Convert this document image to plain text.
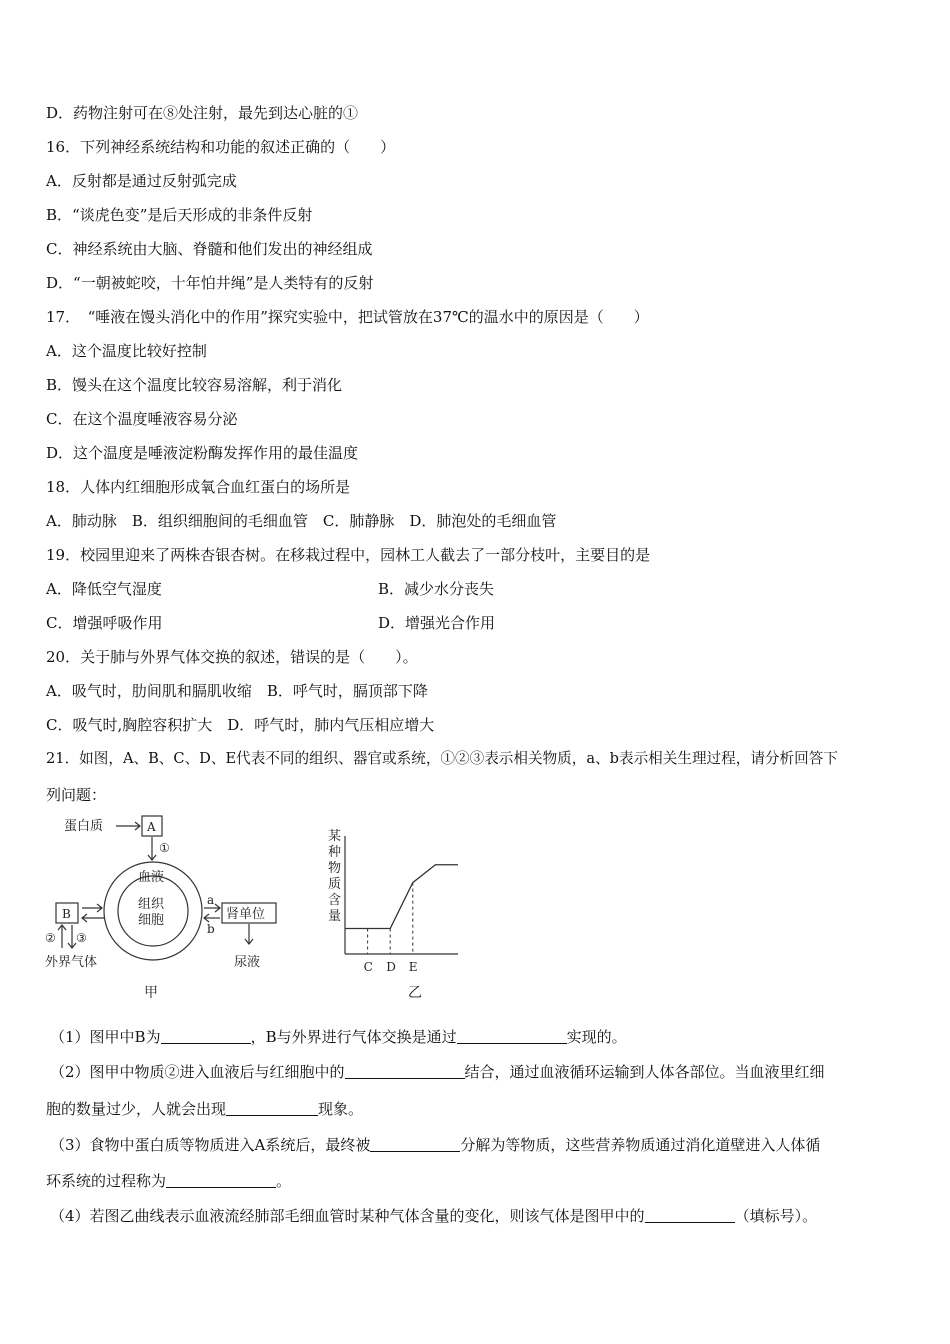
D．药物注射可在⑧处注射，最先到达心脏的①
16．下列神经系统结构和功能的叙述正确的（　　）
A．反射都是通过反射弧完成
B．“谈虎色变”是后天形成的非条件反射
C．神经系统由大脑、脊髓和他们发出的神经组成
D．“一朝被蛇咬，十年怕井绳”是人类特有的反射
17．　“唾液在馒头消化中的作用”探究实验中，把试管放在37℃的温水中的原因是（　　）
A．这个温度比较好控制
B．馒头在这个温度比较容易溶解，利于消化
C．在这个温度唾液容易分泌
D．这个温度是唾液淀粉酶发挥作用的最佳温度
18．人体内红细胞形成氧合血红蛋白的场所是
A．肺动脉　B．组织细胞间的毛细血管　C．肺静脉　D．肺泡处的毛细血管
19．校园里迎来了两株杏银杏树。在移栽过程中，园林工人截去了一部分枝叶，主要目的是
A．降低空气湿度	B．减少水分丧失
C．增强呼吸作用	D．增强光合作用
20．关于肺与外界气体交换的叙述，错误的是（　　）。
A．吸气时，肋间肌和膈肌收缩　B．呼气时，膈顶部下降
C．吸气时,胸腔容积扩大　D．呼气时，肺内气压相应增大
21．如图，A、B、C、D、E代表不同的组织、器官或系统，①②③表示相关物质，a、b表示相关生理过程，请分析回答下
列问题：
蛋白质	A
①
血液
组织
细胞
B
② ③
外界气体
a
b
肾单位
尿液
甲
某
种
物
质
含
量
C D E
乙
（1）图甲中B为	，B与外界进行气体交换是通过	实现的。
（2）图甲中物质②进入血液后与红细胞中的	结合，通过血液循环运输到人体各部位。当血液里红细
胞的数量过少，人就会出现	现象。
（3）食物中蛋白质等物质进入A系统后，最终被	分解为等物质，这些营养物质通过消化道壁进入人体循
环系统的过程称为	。
（4）若图乙曲线表示血液流经肺部毛细血管时某种气体含量的变化，则该气体是图甲中的	（填标号）。
